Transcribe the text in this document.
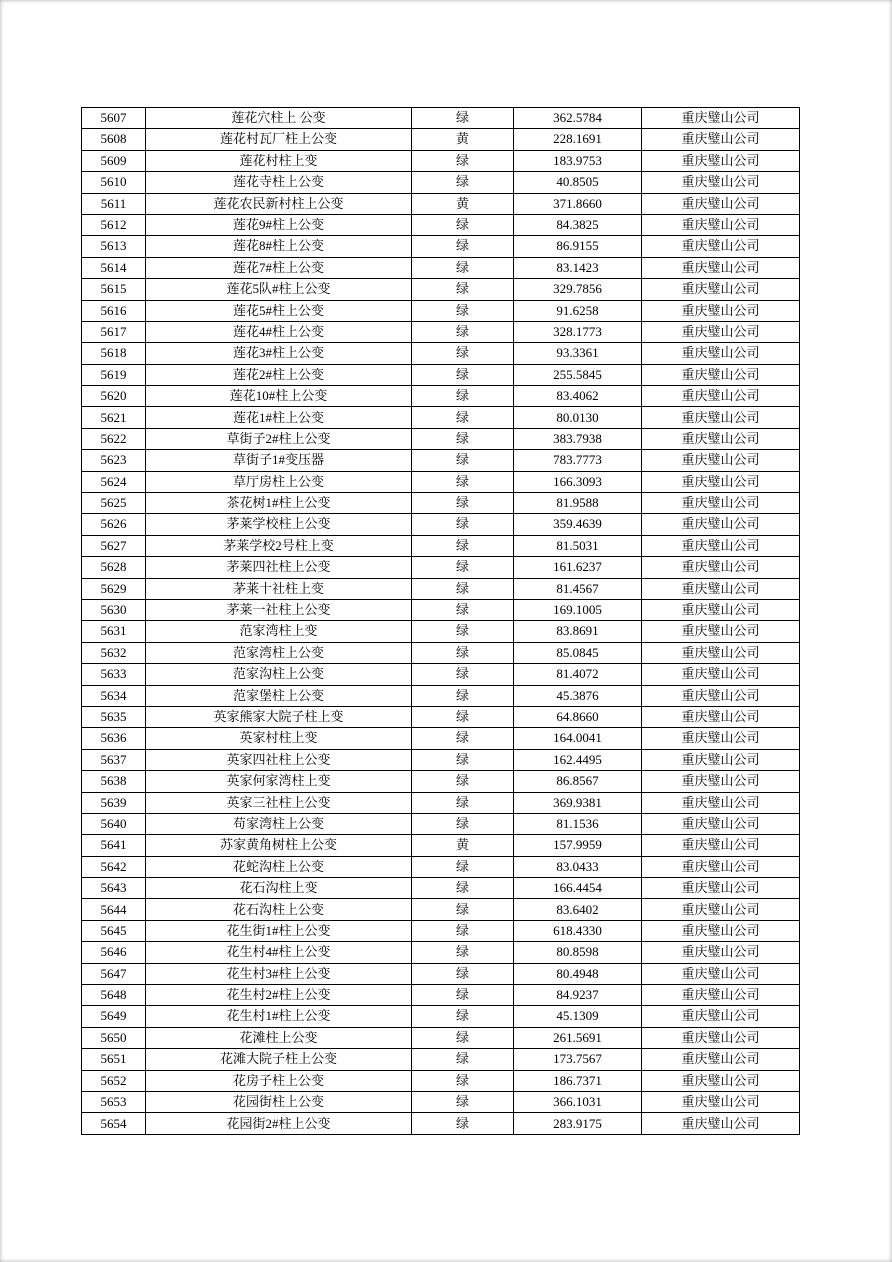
5607	莲花穴柱上 公变	绿	362.5784	重庆璧山公司
5608	莲花村瓦厂柱上公变	黄	228.1691	重庆璧山公司
5609	莲花村柱上变	绿	183.9753	重庆璧山公司
5610	莲花寺柱上公变	绿	40.8505	重庆璧山公司
5611	莲花农民新村柱上公变	黄	371.8660	重庆璧山公司
5612	莲花9#柱上公变	绿	84.3825	重庆璧山公司
5613	莲花8#柱上公变	绿	86.9155	重庆璧山公司
5614	莲花7#柱上公变	绿	83.1423	重庆璧山公司
5615	莲花5队#柱上公变	绿	329.7856	重庆璧山公司
5616	莲花5#柱上公变	绿	91.6258	重庆璧山公司
5617	莲花4#柱上公变	绿	328.1773	重庆璧山公司
5618	莲花3#柱上公变	绿	93.3361	重庆璧山公司
5619	莲花2#柱上公变	绿	255.5845	重庆璧山公司
5620	莲花10#柱上公变	绿	83.4062	重庆璧山公司
5621	莲花1#柱上公变	绿	80.0130	重庆璧山公司
5622	草街子2#柱上公变	绿	383.7938	重庆璧山公司
5623	草街子1#变压器	绿	783.7773	重庆璧山公司
5624	草厅房柱上公变	绿	166.3093	重庆璧山公司
5625	茶花树1#柱上公变	绿	81.9588	重庆璧山公司
5626	茅莱学校柱上公变	绿	359.4639	重庆璧山公司
5627	茅莱学校2号柱上变	绿	81.5031	重庆璧山公司
5628	茅莱四社柱上公变	绿	161.6237	重庆璧山公司
5629	茅莱十社柱上变	绿	81.4567	重庆璧山公司
5630	茅莱一社柱上公变	绿	169.1005	重庆璧山公司
5631	范家湾柱上变	绿	83.8691	重庆璧山公司
5632	范家湾柱上公变	绿	85.0845	重庆璧山公司
5633	范家沟柱上公变	绿	81.4072	重庆璧山公司
5634	范家堡柱上公变	绿	45.3876	重庆璧山公司
5635	英家熊家大院子柱上变	绿	64.8660	重庆璧山公司
5636	英家村柱上变	绿	164.0041	重庆璧山公司
5637	英家四社柱上公变	绿	162.4495	重庆璧山公司
5638	英家何家湾柱上变	绿	86.8567	重庆璧山公司
5639	英家三社柱上公变	绿	369.9381	重庆璧山公司
5640	苟家湾柱上公变	绿	81.1536	重庆璧山公司
5641	苏家黄角树柱上公变	黄	157.9959	重庆璧山公司
5642	花蛇沟柱上公变	绿	83.0433	重庆璧山公司
5643	花石沟柱上变	绿	166.4454	重庆璧山公司
5644	花石沟柱上公变	绿	83.6402	重庆璧山公司
5645	花生街1#柱上公变	绿	618.4330	重庆璧山公司
5646	花生村4#柱上公变	绿	80.8598	重庆璧山公司
5647	花生村3#柱上公变	绿	80.4948	重庆璧山公司
5648	花生村2#柱上公变	绿	84.9237	重庆璧山公司
5649	花生村1#柱上公变	绿	45.1309	重庆璧山公司
5650	花滩柱上公变	绿	261.5691	重庆璧山公司
5651	花滩大院子柱上公变	绿	173.7567	重庆璧山公司
5652	花房子柱上公变	绿	186.7371	重庆璧山公司
5653	花园街柱上公变	绿	366.1031	重庆璧山公司
5654	花园街2#柱上公变	绿	283.9175	重庆璧山公司
